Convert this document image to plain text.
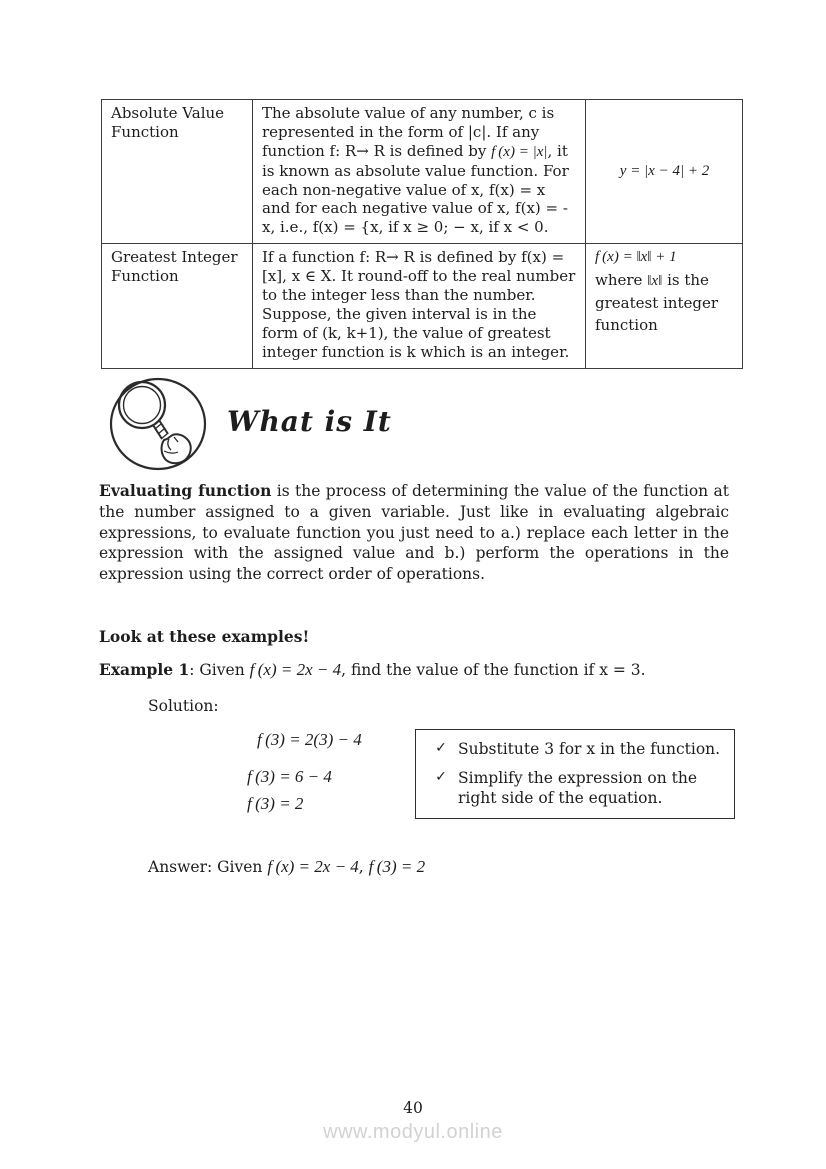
Absolute Value Function	The absolute value of any number, c is represented in the form of |c|. If any function f: R→ R is defined by f (x) = |x|, it is known as absolute value function. For each non-negative value of x, f(x) = x and for each negative value of x, f(x) = -x, i.e., f(x) = {x, if x ≥ 0; − x, if x < 0.	y = |x − 4| + 2
Greatest Integer Function	If a function f: R→ R is defined by f(x) = [x], x ∈ X. It round-off to the real number to the integer less than the number. Suppose, the given interval is in the form of (k, k+1), the value of greatest integer function is k which is an integer.	f (x) = ‖x‖ + 1
where ‖x‖ is the greatest integer function
What is It

Evaluating function is the process of determining the value of the function at the number assigned to a given variable. Just like in evaluating algebraic expressions, to evaluate function you just need to a.) replace each letter in the expression with the assigned value and b.) perform the operations in the expression using the correct order of operations.

Look at these examples!
Example 1: Given f (x) = 2x − 4, find the value of the function if x = 3.
Solution:
f (3) = 2(3) − 4
f (3) = 6 − 4
f (3) = 2
✓ Substitute 3 for x in the function.
✓ Simplify the expression on the right side of the equation.
Answer: Given f (x) = 2x − 4, f (3) = 2
40
www.modyul.online
